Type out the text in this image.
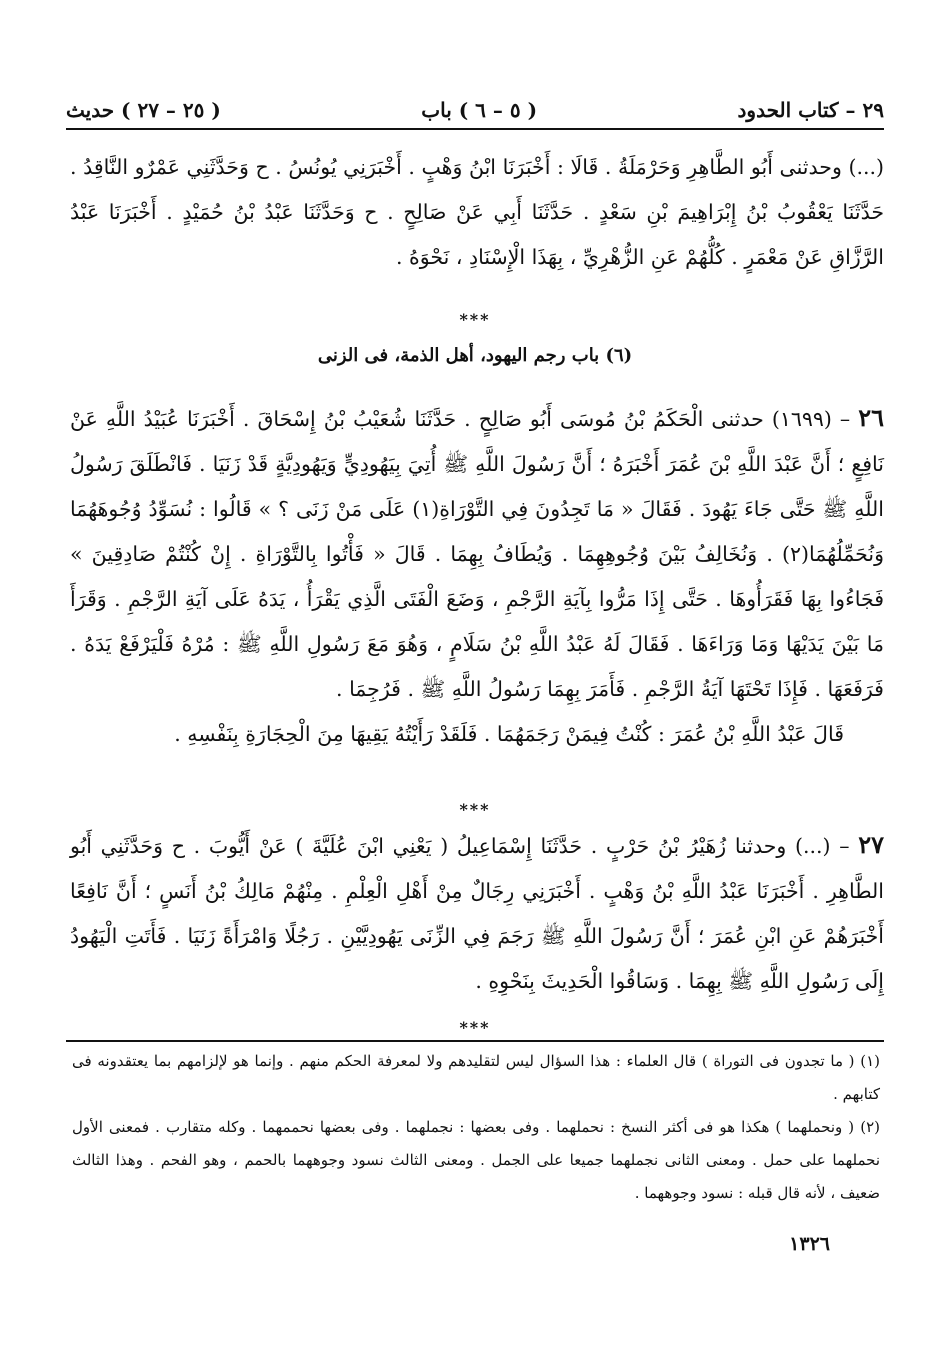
٢٩ – كتاب الحدود
( ٥ – ٦ ) باب
( ٢٥ – ٢٧ ) حديث

(...) وحدثنى أَبُو الطَّاهِرِ وَحَرْمَلَةُ . قَالَا : أَخْبَرَنَا ابْنُ وَهْبٍ . أَخْبَرَنِي يُونُسُ . ح وَحَدَّثَنِي عَمْرٌو النَّاقِدُ . حَدَّثَنَا يَعْقُوبُ بْنُ إِبْرَاهِيمَ بْنِ سَعْدٍ . حَدَّثَنَا أَبِي عَنْ صَالِحٍ . ح وَحَدَّثَنَا عَبْدُ بْنُ حُمَيْدٍ . أَخْبَرَنَا عَبْدُ الرَّزَّاقِ عَنْ مَعْمَرٍ . كُلُّهُمْ عَنِ الزُّهْرِيِّ ، بِهَذَا الْإِسْنَادِ ، نَحْوَهُ .

***
(٦) باب رجم اليهود، أهل الذمة، فى الزنى

٢٦ – (١٦٩٩) حدثنى الْحَكَمُ بْنُ مُوسَى أَبُو صَالِحٍ . حَدَّثَنَا شُعَيْبُ بْنُ إِسْحَاقَ . أَخْبَرَنَا عُبَيْدُ اللَّهِ عَنْ نَافِعٍ ؛ أَنَّ عَبْدَ اللَّهِ بْنَ عُمَرَ أَخْبَرَهُ ؛ أَنَّ رَسُولَ اللَّهِ ﷺ أُتِيَ بِيَهُودِيٍّ وَيَهُودِيَّةٍ قَدْ زَنَيَا . فَانْطَلَقَ رَسُولُ اللَّهِ ﷺ حَتَّى جَاءَ يَهُودَ . فَقَالَ « مَا تَجِدُونَ فِي التَّوْرَاةِ(١) عَلَى مَنْ زَنَى ؟ » قَالُوا : نُسَوِّدُ وُجُوهَهُمَا وَنُحَمِّلُهُمَا(٢) . وَنُخَالِفُ بَيْنَ وُجُوهِهِمَا . وَيُطَافُ بِهِمَا . قَالَ « فَأْتُوا بِالتَّوْرَاةِ . إِنْ كُنْتُمْ صَادِقِينَ » فَجَاءُوا بِهَا فَقَرَأُوهَا . حَتَّى إِذَا مَرُّوا بِآيَةِ الرَّجْمِ ، وَضَعَ الْفَتَى الَّذِي يَقْرَأُ ، يَدَهُ عَلَى آيَةِ الرَّجْمِ . وَقَرَأَ مَا بَيْنَ يَدَيْهَا وَمَا وَرَاءَهَا . فَقَالَ لَهُ عَبْدُ اللَّهِ بْنُ سَلَامٍ ، وَهُوَ مَعَ رَسُولِ اللَّهِ ﷺ : مُرْهُ فَلْيَرْفَعْ يَدَهُ . فَرَفَعَهَا . فَإِذَا تَحْتَهَا آيَةُ الرَّجْمِ . فَأَمَرَ بِهِمَا رَسُولُ اللَّهِ ﷺ . فَرُجِمَا .

قَالَ عَبْدُ اللَّهِ بْنُ عُمَرَ : كُنْتُ فِيمَنْ رَجَمَهُمَا . فَلَقَدْ رَأَيْتُهُ يَقِيهَا مِنَ الْحِجَارَةِ بِنَفْسِهِ .

***

٢٧ – (...) وحدثنا زُهَيْرُ بْنُ حَرْبٍ . حَدَّثَنَا إِسْمَاعِيلُ ( يَعْنِي ابْنَ عُلَيَّةَ ) عَنْ أَيُّوبَ . ح وَحَدَّثَنِي أَبُو الطَّاهِرِ . أَخْبَرَنَا عَبْدُ اللَّهِ بْنُ وَهْبٍ . أَخْبَرَنِي رِجَالٌ مِنْ أَهْلِ الْعِلْمِ . مِنْهُمْ مَالِكُ بْنُ أَنَسٍ ؛ أَنَّ نَافِعًا أَخْبَرَهُمْ عَنِ ابْنِ عُمَرَ ؛ أَنَّ رَسُولَ اللَّهِ ﷺ رَجَمَ فِي الزِّنَى يَهُودِيَّيْنِ . رَجُلًا وَامْرَأَةً زَنَيَا . فَأَتَتِ الْيَهُودُ إِلَى رَسُولِ اللَّهِ ﷺ بِهِمَا . وَسَاقُوا الْحَدِيثَ بِنَحْوِهِ .

***

(١) ( ما تجدون فى التوراة ) قال العلماء : هذا السؤال ليس لتقليدهم ولا لمعرفة الحكم منهم . وإنما هو لإلزامهم بما يعتقدونه فى كتابهم .

(٢) ( ونحملهما ) هكذا هو فى أكثر النسخ : نحملهما . وفى بعضها : نجملهما . وفى بعضها نحممهما . وكله متقارب . فمعنى الأول نحملهما على حمل . ومعنى الثانى نجملهما جميعا على الجمل . ومعنى الثالث نسود وجوههما بالحمم ، وهو الفحم . وهذا الثالث ضعيف ، لأنه قال قبله : نسود وجوههما .

١٣٢٦
